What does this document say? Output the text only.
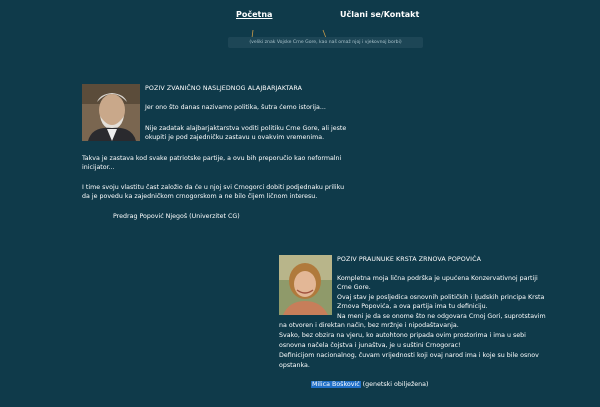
Početna	Učlani se/Kontakt
(veliki znak Vojske Crne Gore, kao naš omaž njoj i vjekovnoj borbi)

POZIV ZVANIČNO NASLJEDNOG ALAJBARJAKTARA

Jer ono što danas nazivamo politika, šutra ćemo istorija...

Nije zadatak alajbarjaktarstva voditi politiku Crne Gore, ali jeste

okupiti je pod zajedničku zastavu u ovakvim vremenima.

Takva je zastava kod svake patriotske partije, a ovu bih preporučio kao neformalni

inicijator...

I time svoju vlastitu čast založio da će u njoj svi Crnogorci dobiti podjednaku priliku

da je povedu ka zajedničkom crnogorskom a ne bilo čijem ličnom interesu.

Predrag Popović Njegoš (Univerzitet CG)

POZIV PRAUNUKE KRSTA ZRNOVA POPOVIĆA

Kompletna moja lična podrška je upućena Konzervativnoj partiji

Crne Gore.

Ovaj stav je posljedica osnovnih političkih i ljudskih principa Krsta

Zrnova Popovića, a ova partija ima tu definiciju.

Na meni je da se onome što ne odgovara Crnoj Gori, suprotstavim

na otvoren i direktan način, bez mržnje i nipodaštavanja.

Svako, bez obzira na vjeru, ko autohtono pripada ovim prostorima i ima u sebi

osnovna načela čojstva i junaštva, je u suštini Crnogorac!

Definicijom nacionalnog, čuvam vrijednosti koji ovaj narod ima i koje su bile osnov

opstanka.

Milica Bošković (genetski obilježena)
